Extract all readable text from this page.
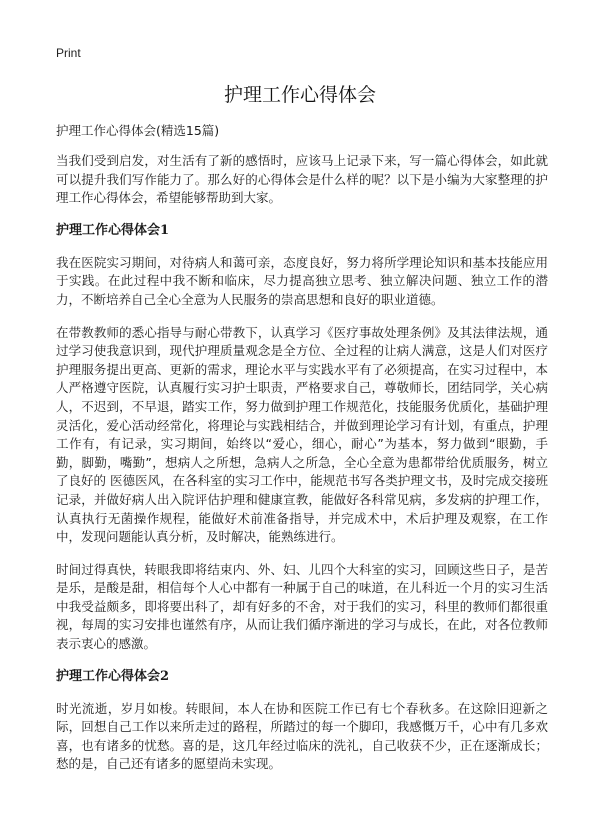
Print
护理工作心得体会

护理工作心得体会(精选15篇)

当我们受到启发，对生活有了新的感悟时，应该马上记录下来，写一篇心得体会，如此就可以提升我们写作能力了。那么好的心得体会是什么样的呢？以下是小编为大家整理的护理工作心得体会，希望能够帮助到大家。

护理工作心得体会1

我在医院实习期间，对待病人和蔼可亲，态度良好，努力将所学理论知识和基本技能应用于实践。在此过程中我不断和临床，尽力提高独立思考、独立解决问题、独立工作的潜力，不断培养自己全心全意为人民服务的崇高思想和良好的职业道德。

在带教教师的悉心指导与耐心带教下，认真学习《医疗事故处理条例》及其法律法规，通过学习使我意识到，现代护理质量观念是全方位、全过程的让病人满意，这是人们对医疗护理服务提出更高、更新的需求，理论水平与实践水平有了必须提高，在实习过程中，本人严格遵守医院，认真履行实习护士职责，严格要求自己，尊敬师长，团结同学，关心病人，不迟到，不早退，踏实工作，努力做到护理工作规范化，技能服务优质化，基础护理灵活化，爱心活动经常化，将理论与实践相结合，并做到理论学习有计划，有重点，护理工作有，有记录，实习期间，始终以“爱心，细心，耐心”为基本，努力做到“眼勤，手勤，脚勤，嘴勤”，想病人之所想，急病人之所急，全心全意为患都带给优质服务，树立了良好的 医德医风，在各科室的实习工作中，能规范书写各类护理文书，及时完成交接班记录，并做好病人出入院评估护理和健康宣教，能做好各科常见病，多发病的护理工作，认真执行无菌操作规程，能做好术前准备指导，并完成术中，术后护理及观察，在工作中，发现问题能认真分析，及时解决，能熟练进行。

时间过得真快，转眼我即将结束内、外、妇、儿四个大科室的实习，回顾这些日子，是苦是乐，是酸是甜，相信每个人心中都有一种属于自己的味道，在儿科近一个月的实习生活中我受益颇多，即将要出科了，却有好多的不舍，对于我们的实习，科里的教师们都很重视，每周的实习安排也谨然有序，从而让我们循序渐进的学习与成长，在此，对各位教师表示衷心的感激。

护理工作心得体会2

时光流逝，岁月如梭。转眼间，本人在协和医院工作已有七个春秋多。在这除旧迎新之际，回想自己工作以来所走过的路程，所踏过的每一个脚印，我感慨万千，心中有几多欢喜，也有诸多的忧愁。喜的是，这几年经过临床的洗礼，自己收获不少，正在逐渐成长；愁的是，自己还有诸多的愿望尚未实现。
